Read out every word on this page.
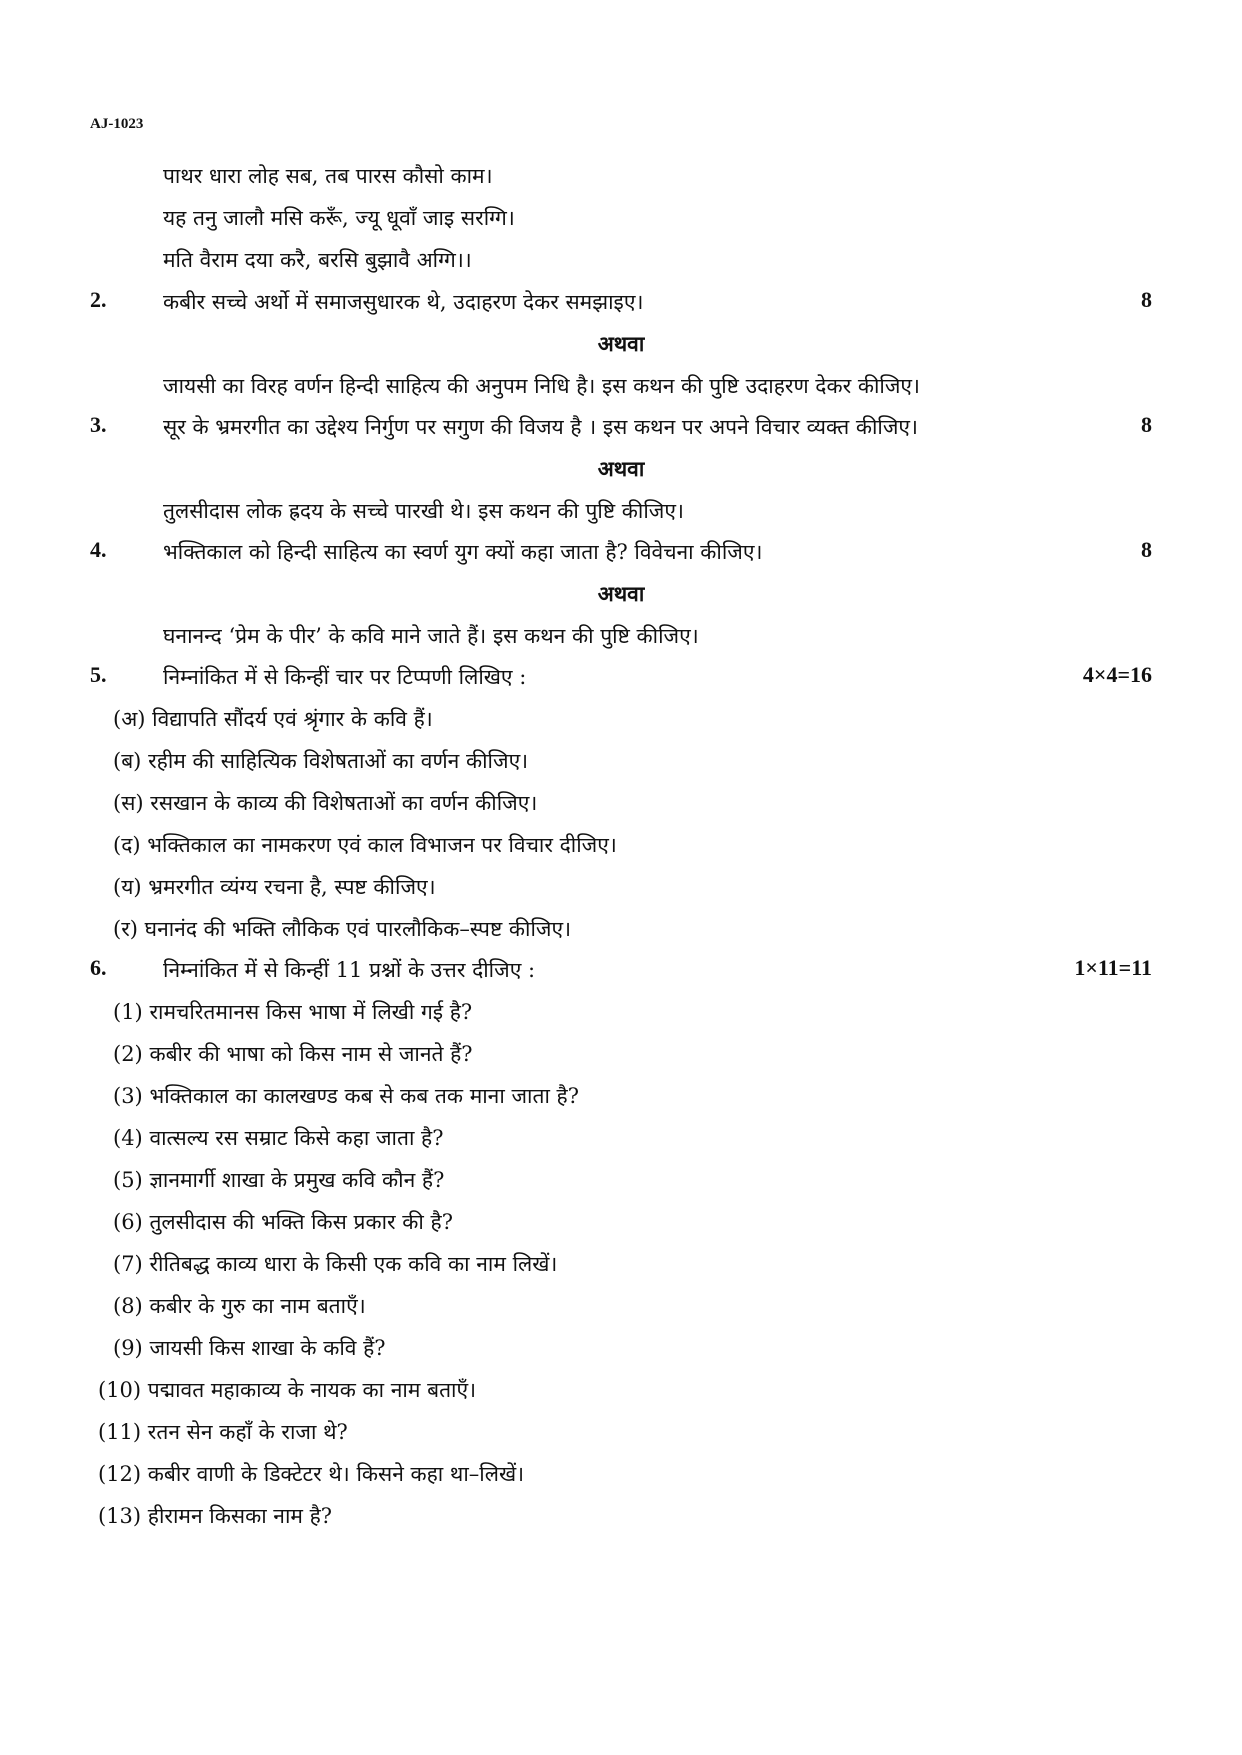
AJ-1023
पाथर धारा लोह सब, तब पारस कौसो काम।
यह तनु जालौ मसि करूँ, ज्यू धूवाँ जाइ सरग्गि।
मति वैराम दया करै, बरसि बुझावै अग्गि।।
2.	कबीर सच्चे अर्थो में समाजसुधारक थे, उदाहरण देकर समझाइए।	8
अथवा
जायसी का विरह वर्णन हिन्दी साहित्य की अनुपम निधि है। इस कथन की पुष्टि उदाहरण देकर कीजिए।
3.	सूर के भ्रमरगीत का उद्देश्य निर्गुण पर सगुण की विजय है । इस कथन पर अपने विचार व्यक्त कीजिए।	8
अथवा
तुलसीदास लोक ह्रदय के सच्चे पारखी थे। इस कथन की पुष्टि कीजिए।
4.	भक्तिकाल को हिन्दी साहित्य का स्वर्ण युग क्यों कहा जाता है? विवेचना कीजिए।	8
अथवा
घनानन्द ‘प्रेम के पीर’ के कवि माने जाते हैं। इस कथन की पुष्टि कीजिए।
5.	निम्नांकित में से किन्हीं चार पर टिप्पणी लिखिए :	4×4=16
(अ) विद्यापति सौंदर्य एवं श्रृंगार के कवि हैं।
(ब) रहीम की साहित्यिक विशेषताओं का वर्णन कीजिए।
(स) रसखान के काव्य की विशेषताओं का वर्णन कीजिए।
(द) भक्तिकाल का नामकरण एवं काल विभाजन पर विचार दीजिए।
(य) भ्रमरगीत व्यंग्य रचना है, स्पष्ट कीजिए।
(र) घनानंद की भक्ति लौकिक एवं पारलौकिक–स्पष्ट कीजिए।
6.	निम्नांकित में से किन्हीं 11 प्रश्नों के उत्तर दीजिए :	1×11=11
(1) रामचरितमानस किस भाषा में लिखी गई है?
(2) कबीर की भाषा को किस नाम से जानते हैं?
(3) भक्तिकाल का कालखण्ड कब से कब तक माना जाता है?
(4) वात्सल्य रस सम्राट किसे कहा जाता है?
(5) ज्ञानमार्गी शाखा के प्रमुख कवि कौन हैं?
(6) तुलसीदास की भक्ति किस प्रकार की है?
(7) रीतिबद्ध काव्य धारा के किसी एक कवि का नाम लिखें।
(8) कबीर के गुरु का नाम बताएँ।
(9) जायसी किस शाखा के कवि हैं?
(10) पद्मावत महाकाव्य के नायक का नाम बताएँ।
(11) रतन सेन कहाँ के राजा थे?
(12) कबीर वाणी के डिक्टेटर थे। किसने कहा था–लिखें।
(13) हीरामन किसका नाम है?
